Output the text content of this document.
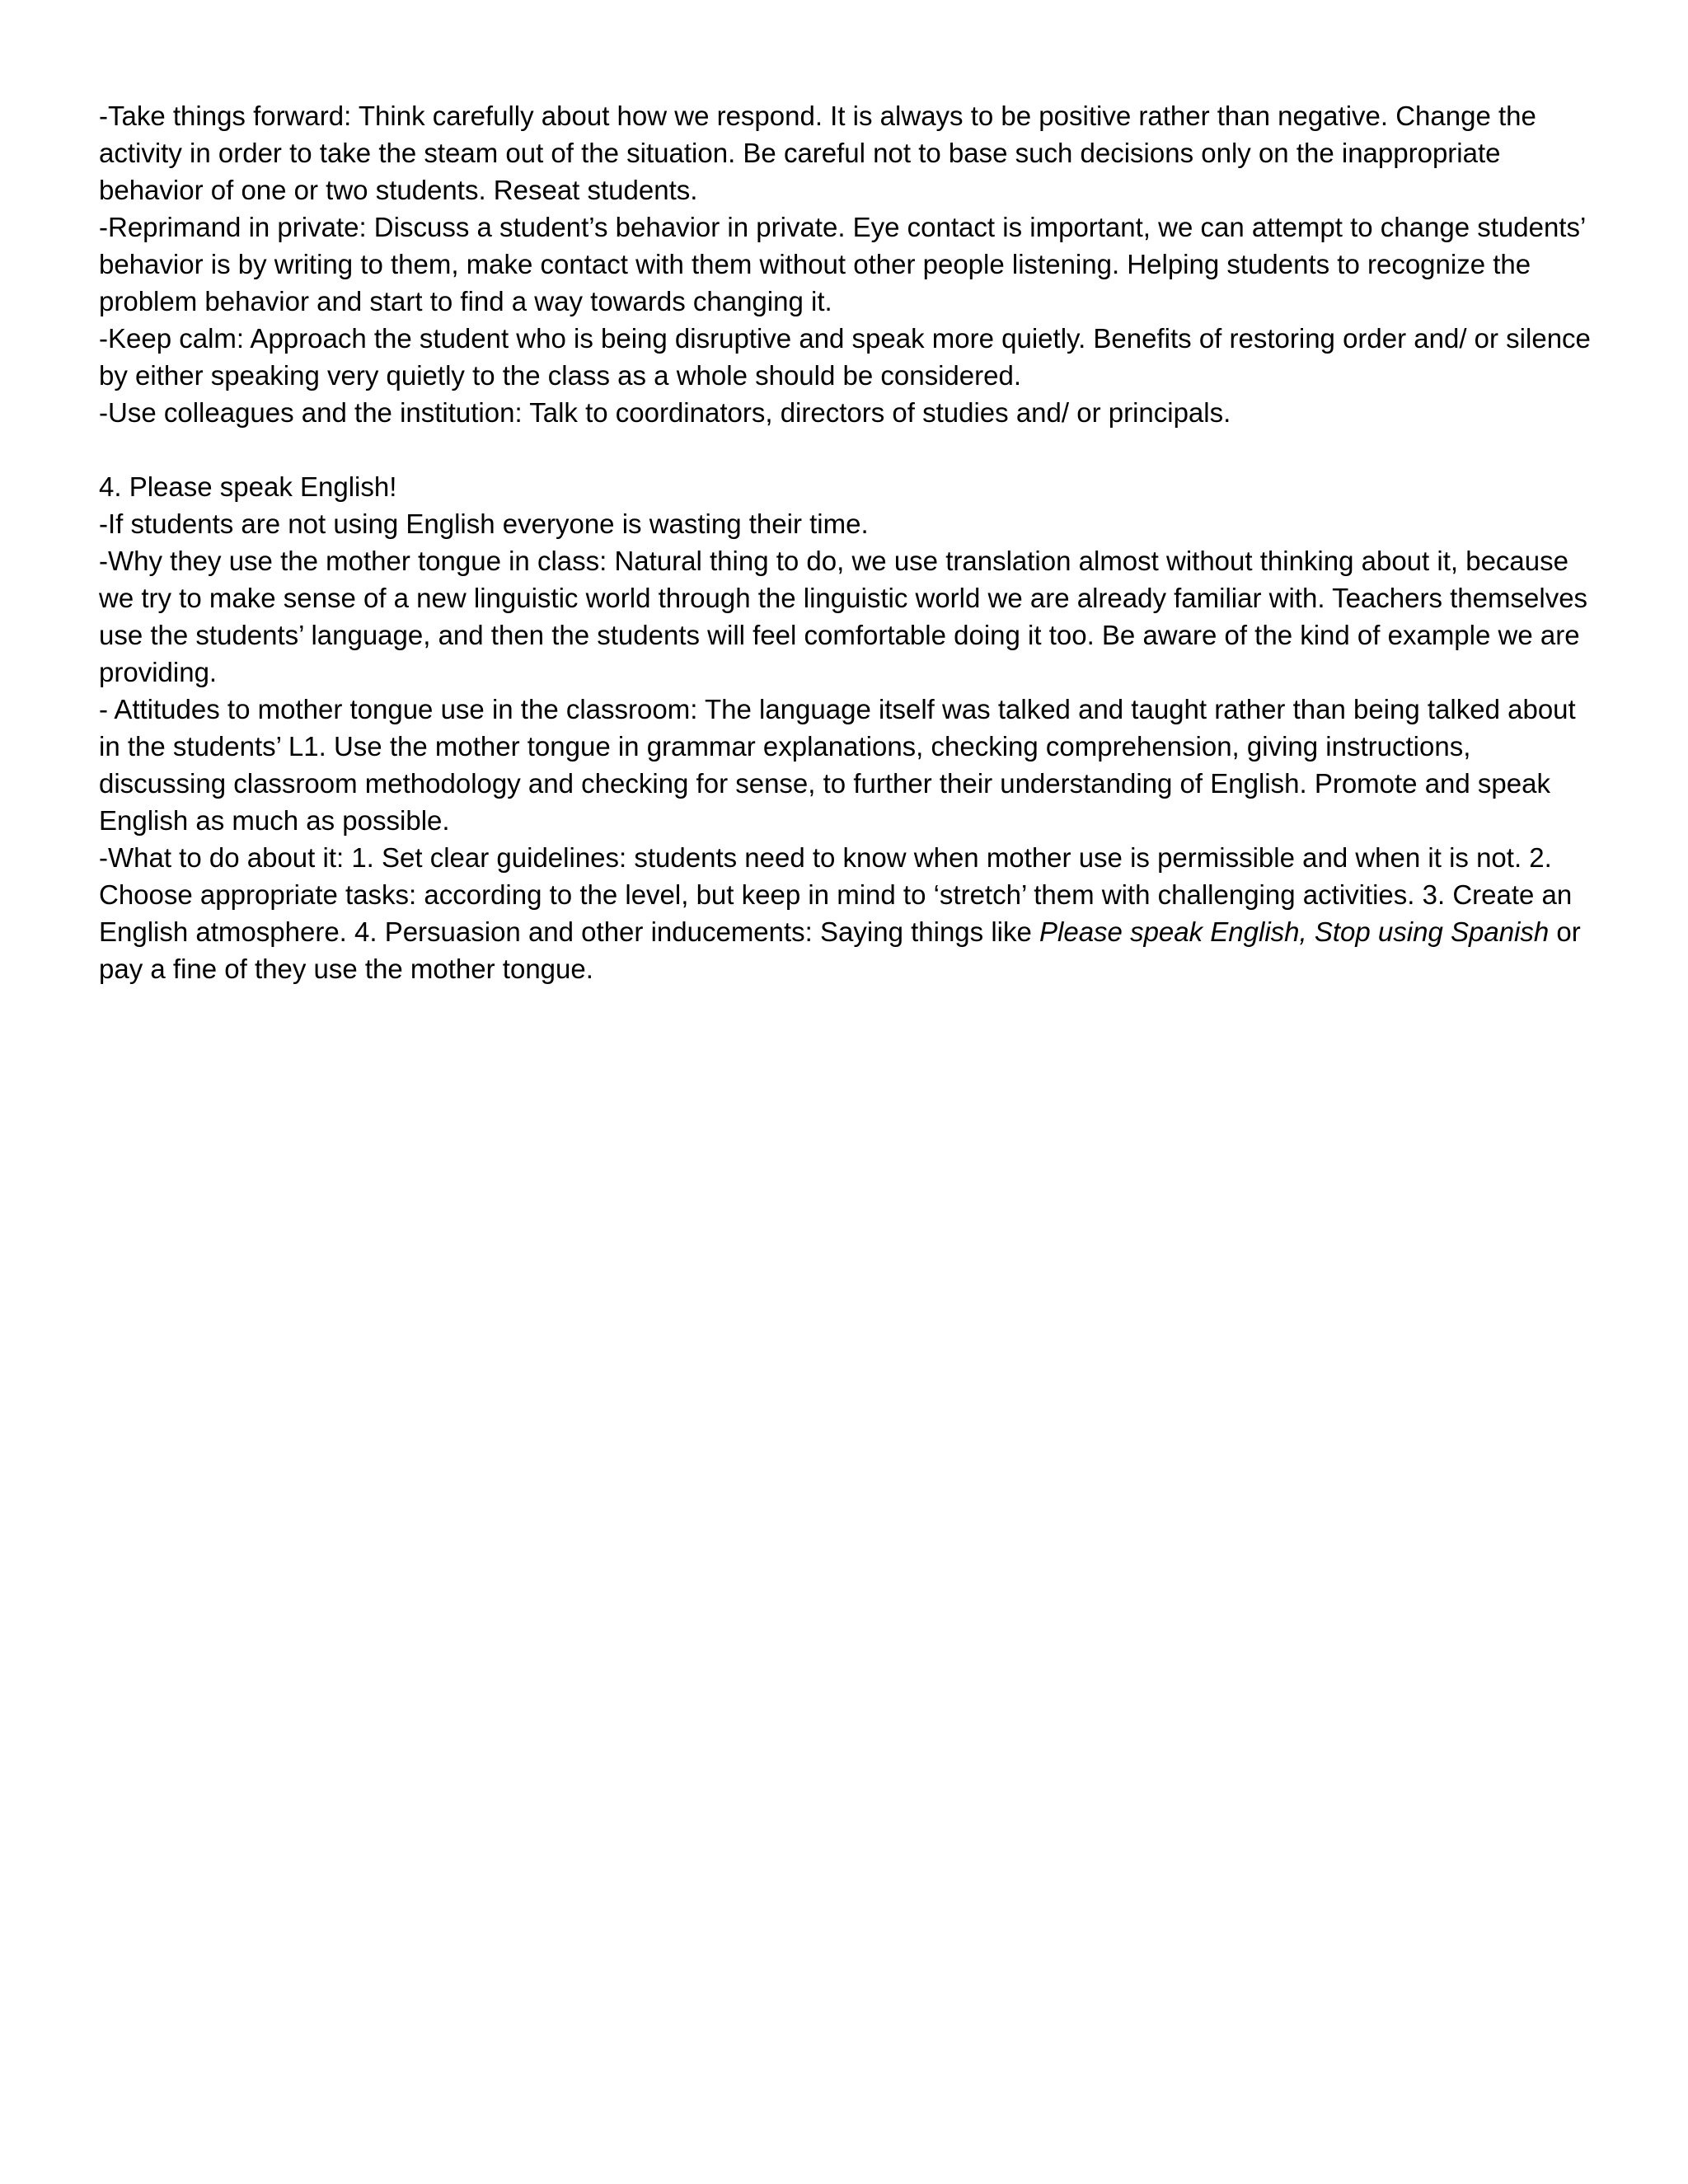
-Take things forward: Think carefully about how we respond. It is always to be positive rather than negative. Change the activity in order to take the steam out of the situation. Be careful not to base such decisions only on the inappropriate behavior of one or two students. Reseat students.

-Reprimand in private: Discuss a student’s behavior in private. Eye contact is important, we can attempt to change students’ behavior is by writing to them, make contact with them without other people listening. Helping students to recognize the problem behavior and start to find a way towards changing it.

-Keep calm: Approach the student who is being disruptive and speak more quietly. Benefits of restoring order and/ or silence by either speaking very quietly to the class as a whole should be considered.

-Use colleagues and the institution: Talk to coordinators, directors of studies and/ or principals.

4. Please speak English!

-If students are not using English everyone is wasting their time.

-Why they use the mother tongue in class: Natural thing to do, we use translation almost without thinking about it, because we try to make sense of a new linguistic world through the linguistic world we are already familiar with. Teachers themselves use the students’ language, and then the students will feel comfortable doing it too. Be aware of the kind of example we are providing.

- Attitudes to mother tongue use in the classroom: The language itself was talked and taught rather than being talked about in the students’ L1. Use the mother tongue in grammar explanations, checking comprehension, giving instructions, discussing classroom methodology and checking for sense, to further their understanding of English. Promote and speak English as much as possible.

-What to do about it: 1. Set clear guidelines: students need to know when mother use is permissible and when it is not. 2. Choose appropriate tasks: according to the level, but keep in mind to ‘stretch’ them with challenging activities. 3. Create an English atmosphere. 4. Persuasion and other inducements: Saying things like Please speak English, Stop using Spanish or pay a fine of they use the mother tongue.
